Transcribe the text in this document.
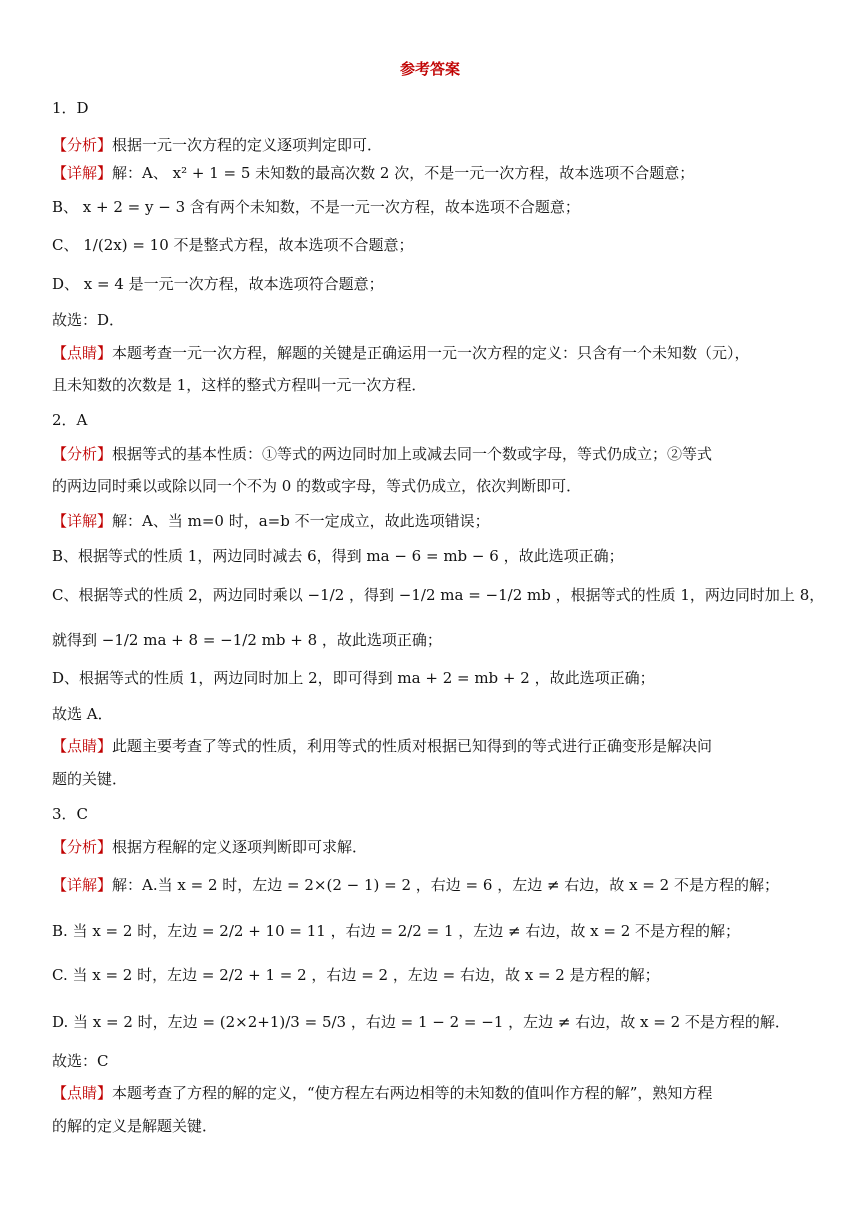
参考答案
1．D
【分析】根据一元一次方程的定义逐项判定即可．
【详解】解：A、 x² + 1 = 5 未知数的最高次数 2 次，不是一元一次方程，故本选项不合题意；
B、 x + 2 = y − 3 含有两个未知数，不是一元一次方程，故本选项不合题意；
C、 1/(2x) = 10 不是整式方程，故本选项不合题意；
D、 x = 4 是一元一次方程，故本选项符合题意；
故选：D．
【点睛】本题考查一元一次方程，解题的关键是正确运用一元一次方程的定义：只含有一个未知数（元），
且未知数的次数是 1，这样的整式方程叫一元一次方程．
2．A
【分析】根据等式的基本性质：①等式的两边同时加上或减去同一个数或字母，等式仍成立；②等式
的两边同时乘以或除以同一个不为 0 的数或字母，等式仍成立，依次判断即可．
【详解】解：A、当 m=0 时，a=b 不一定成立，故此选项错误；
B、根据等式的性质 1，两边同时减去 6，得到 ma − 6 = mb − 6 ，故此选项正确；
C、根据等式的性质 2，两边同时乘以 −1/2 ，得到 −1/2 ma = −1/2 mb ，根据等式的性质 1，两边同时加上 8，
就得到 −1/2 ma + 8 = −1/2 mb + 8 ，故此选项正确；
D、根据等式的性质 1，两边同时加上 2，即可得到 ma + 2 = mb + 2 ，故此选项正确；
故选 A．
【点睛】此题主要考查了等式的性质，利用等式的性质对根据已知得到的等式进行正确变形是解决问
题的关键．
3．C
【分析】根据方程解的定义逐项判断即可求解．
【详解】解：A.当 x = 2 时，左边 = 2×(2 − 1) = 2 ，右边 = 6 ，左边 ≠ 右边，故 x = 2 不是方程的解；
B. 当 x = 2 时，左边 = 2/2 + 10 = 11 ，右边 = 2/2 = 1 ，左边 ≠ 右边，故 x = 2 不是方程的解；
C. 当 x = 2 时，左边 = 2/2 + 1 = 2 ，右边 = 2 ，左边 = 右边，故 x = 2 是方程的解；
D. 当 x = 2 时，左边 = (2×2+1)/3 = 5/3 ，右边 = 1 − 2 = −1 ，左边 ≠ 右边，故 x = 2 不是方程的解．
故选：C
【点睛】本题考查了方程的解的定义，“使方程左右两边相等的未知数的值叫作方程的解”，熟知方程
的解的定义是解题关键．
